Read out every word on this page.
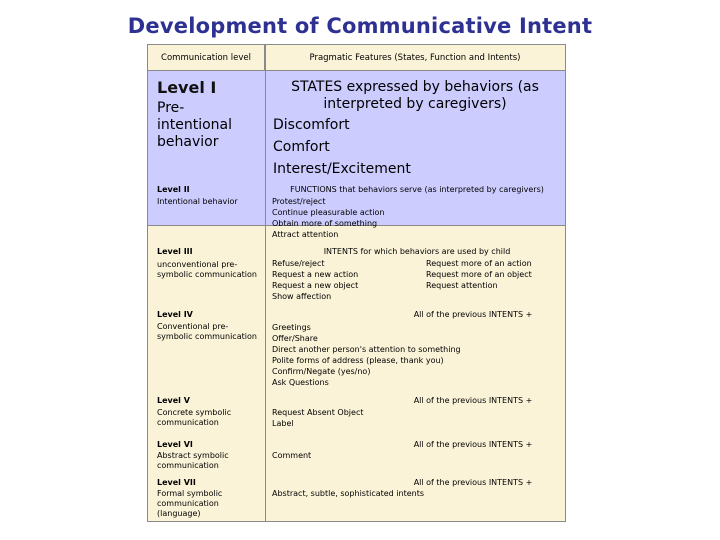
Development of Communicative Intent
Communication level	Pragmatic Features (States, Function and Intents)
Level I
Pre-intentional behavior
STATES expressed by behaviors (as interpreted by caregivers)
Discomfort
Comfort
Interest/Excitement
Level II
Intentional behavior
FUNCTIONS that behaviors serve (as interpreted by caregivers)
Protest/reject
Continue pleasurable action
Obtain more of something
Attract attention
Level III
unconventional pre-symbolic communication
INTENTS for which behaviors are used by child
Refuse/reject
Request a new action
Request a new object
Show affection
Request more of an action
Request more of an object
Request attention
Level IV
Conventional pre-symbolic communication
All of the previous INTENTS +
Greetings
Offer/Share
Direct another person's attention to something
Polite forms of address (please, thank you)
Confirm/Negate (yes/no)
Ask Questions
Level V
Concrete symbolic communication
All of the previous INTENTS +
Request Absent Object
Label
Level VI
Abstract symbolic communication
All of the previous INTENTS +
Comment
Level VII
Formal symbolic communication (language)
All of the previous INTENTS +
Abstract, subtle, sophisticated intents
